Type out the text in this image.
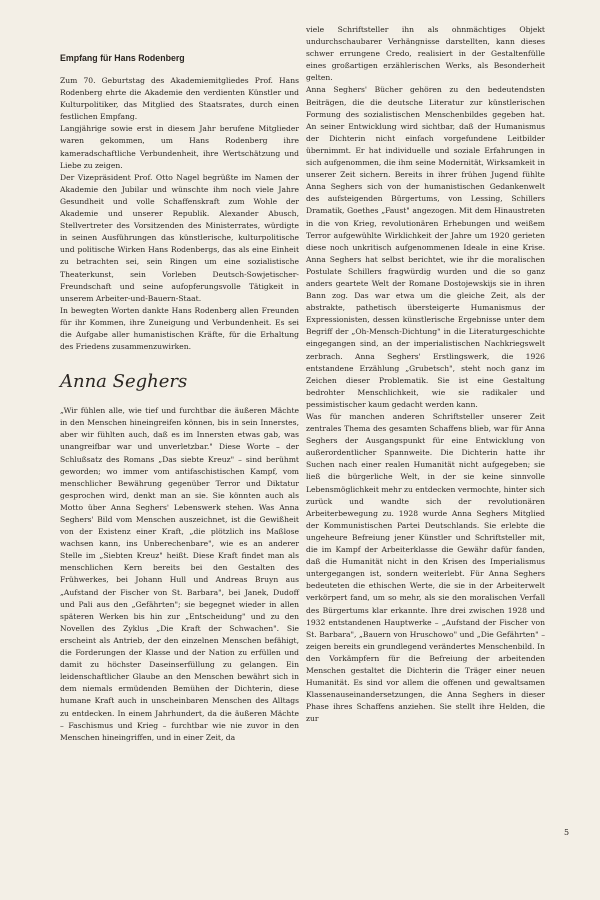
Empfang für Hans Rodenberg

Zum 70. Geburtstag des Akademiemitgliedes Prof. Hans Rodenberg ehrte die Akademie den verdienten Künstler und Kulturpolitiker, das Mitglied des Staatsrates, durch einen festlichen Empfang.

Langjährige sowie erst in diesem Jahr berufene Mitglieder waren gekommen, um Hans Rodenberg ihre kameradschaftliche Verbundenheit, ihre Wertschätzung und Liebe zu zeigen.

Der Vizepräsident Prof. Otto Nagel begrüßte im Namen der Akademie den Jubilar und wünschte ihm noch viele Jahre Gesundheit und volle Schaffenskraft zum Wohle der Akademie und unserer Republik. Alexander Abusch, Stellvertreter des Vorsitzenden des Ministerrates, würdigte in seinen Ausführungen das künstlerische, kulturpolitische und politische Wirken Hans Rodenbergs, das als eine Einheit zu betrachten sei, sein Ringen um eine sozialistische Theaterkunst, sein Vorleben Deutsch-Sowjetischer-Freundschaft und seine aufopferungsvolle Tätigkeit in unserem Arbeiter-und-Bauern-Staat.

In bewegten Worten dankte Hans Rodenberg allen Freunden für ihr Kommen, ihre Zuneigung und Verbundenheit. Es sei die Aufgabe aller humanistischen Kräfte, für die Erhaltung des Friedens zusammenzuwirken.

Anna Seghers

„Wir fühlen alle, wie tief und furchtbar die äußeren Mächte in den Menschen hineingreifen können, bis in sein Innerstes, aber wir fühlten auch, daß es im Innersten etwas gab, was unangreifbar war und unverletzbar." Diese Worte – der Schlußsatz des Romans „Das siebte Kreuz" – sind berühmt geworden; wo immer vom antifaschistischen Kampf, vom menschlicher Bewährung gegenüber Terror und Diktatur gesprochen wird, denkt man an sie. Sie könnten auch als Motto über Anna Seghers' Lebenswerk stehen. Was Anna Seghers' Bild vom Menschen auszeichnet, ist die Gewißheit von der Existenz einer Kraft, „die plötzlich ins Maßlose wachsen kann, ins Unberechenbare", wie es an anderer Stelle im „Siebten Kreuz" heißt. Diese Kraft findet man als menschlichen Kern bereits bei den Gestalten des Frühwerkes, bei Johann Hull und Andreas Bruyn aus „Aufstand der Fischer von St. Barbara", bei Janek, Dudoff und Pali aus den „Gefährten"; sie begegnet wieder in allen späteren Werken bis hin zur „Entscheidung" und zu den Novellen des Zyklus „Die Kraft der Schwachen". Sie erscheint als Antrieb, der den einzelnen Menschen befähigt, die Forderungen der Klasse und der Nation zu erfüllen und damit zu höchster Daseinserfüllung zu gelangen. Ein leidenschaftlicher Glaube an den Menschen bewährt sich in dem niemals ermüdenden Bemühen der Dichterin, diese humane Kraft auch in unscheinbaren Menschen des Alltags zu entdecken. In einem Jahrhundert, da die äußeren Mächte – Faschismus und Krieg – furchtbar wie nie zuvor in den Menschen hineingriffen, und in einer Zeit, da

viele Schriftsteller ihn als ohnmächtiges Objekt undurchschaubarer Verhängnisse darstellten, kann dieses schwer errungene Credo, realisiert in der Gestaltenfülle eines großartigen erzählerischen Werks, als Besonderheit gelten.

Anna Seghers' Bücher gehören zu den bedeutendsten Beiträgen, die die deutsche Literatur zur künstlerischen Formung des sozialistischen Menschenbildes gegeben hat. An seiner Entwicklung wird sichtbar, daß der Humanismus der Dichterin nicht einfach vorgefundene Leitbilder übernimmt. Er hat individuelle und soziale Erfahrungen in sich aufgenommen, die ihm seine Modernität, Wirksamkeit in unserer Zeit sichern. Bereits in ihrer frühen Jugend fühlte Anna Seghers sich von der humanistischen Gedankenwelt des aufsteigenden Bürgertums, von Lessing, Schillers Dramatik, Goethes „Faust" angezogen. Mit dem Hinaustreten in die von Krieg, revolutionären Erhebungen und weißem Terror aufgewühlte Wirklichkeit der Jahre um 1920 gerieten diese noch unkritisch aufgenommenen Ideale in eine Krise. Anna Seghers hat selbst berichtet, wie ihr die moralischen Postulate Schillers fragwürdig wurden und die so ganz anders geartete Welt der Romane Dostojewskijs sie in ihren Bann zog. Das war etwa um die gleiche Zeit, als der abstrakte, pathetisch übersteigerte Humanismus der Expressionisten, dessen künstlerische Ergebnisse unter dem Begriff der „Oh-Mensch-Dichtung" in die Literaturgeschichte eingegangen sind, an der imperialistischen Nachkriegswelt zerbrach. Anna Seghers' Erstlingswerk, die 1926 entstandene Erzählung „Grubetsch", steht noch ganz im Zeichen dieser Problematik. Sie ist eine Gestaltung bedrohter Menschlichkeit, wie sie radikaler und pessimistischer kaum gedacht werden kann.

Was für manchen anderen Schriftsteller unserer Zeit zentrales Thema des gesamten Schaffens blieb, war für Anna Seghers der Ausgangspunkt für eine Entwicklung von außerordentlicher Spannweite. Die Dichterin hatte ihr Suchen nach einer realen Humanität nicht aufgegeben; sie ließ die bürgerliche Welt, in der sie keine sinnvolle Lebensmöglichkeit mehr zu entdecken vermochte, hinter sich zurück und wandte sich der revolutionären Arbeiterbewegung zu. 1928 wurde Anna Seghers Mitglied der Kommunistischen Partei Deutschlands. Sie erlebte die ungeheure Befreiung jener Künstler und Schriftsteller mit, die im Kampf der Arbeiterklasse die Gewähr dafür fanden, daß die Humanität nicht in den Krisen des Imperialismus untergegangen ist, sondern weiterlebt. Für Anna Seghers bedeuteten die ethischen Werte, die sie in der Arbeiterwelt verkörpert fand, um so mehr, als sie den moralischen Verfall des Bürgertums klar erkannte. Ihre drei zwischen 1928 und 1932 entstandenen Hauptwerke – „Aufstand der Fischer von St. Barbara", „Bauern von Hruschowo" und „Die Gefährten" – zeigen bereits ein grundlegend verändertes Menschenbild. In den Vorkämpfern für die Befreiung der arbeitenden Menschen gestaltet die Dichterin die Träger einer neuen Humanität. Es sind vor allem die offenen und gewaltsamen Klassenauseinandersetzungen, die Anna Seghers in dieser Phase ihres Schaffens anziehen. Sie stellt ihre Helden, die zur

5
